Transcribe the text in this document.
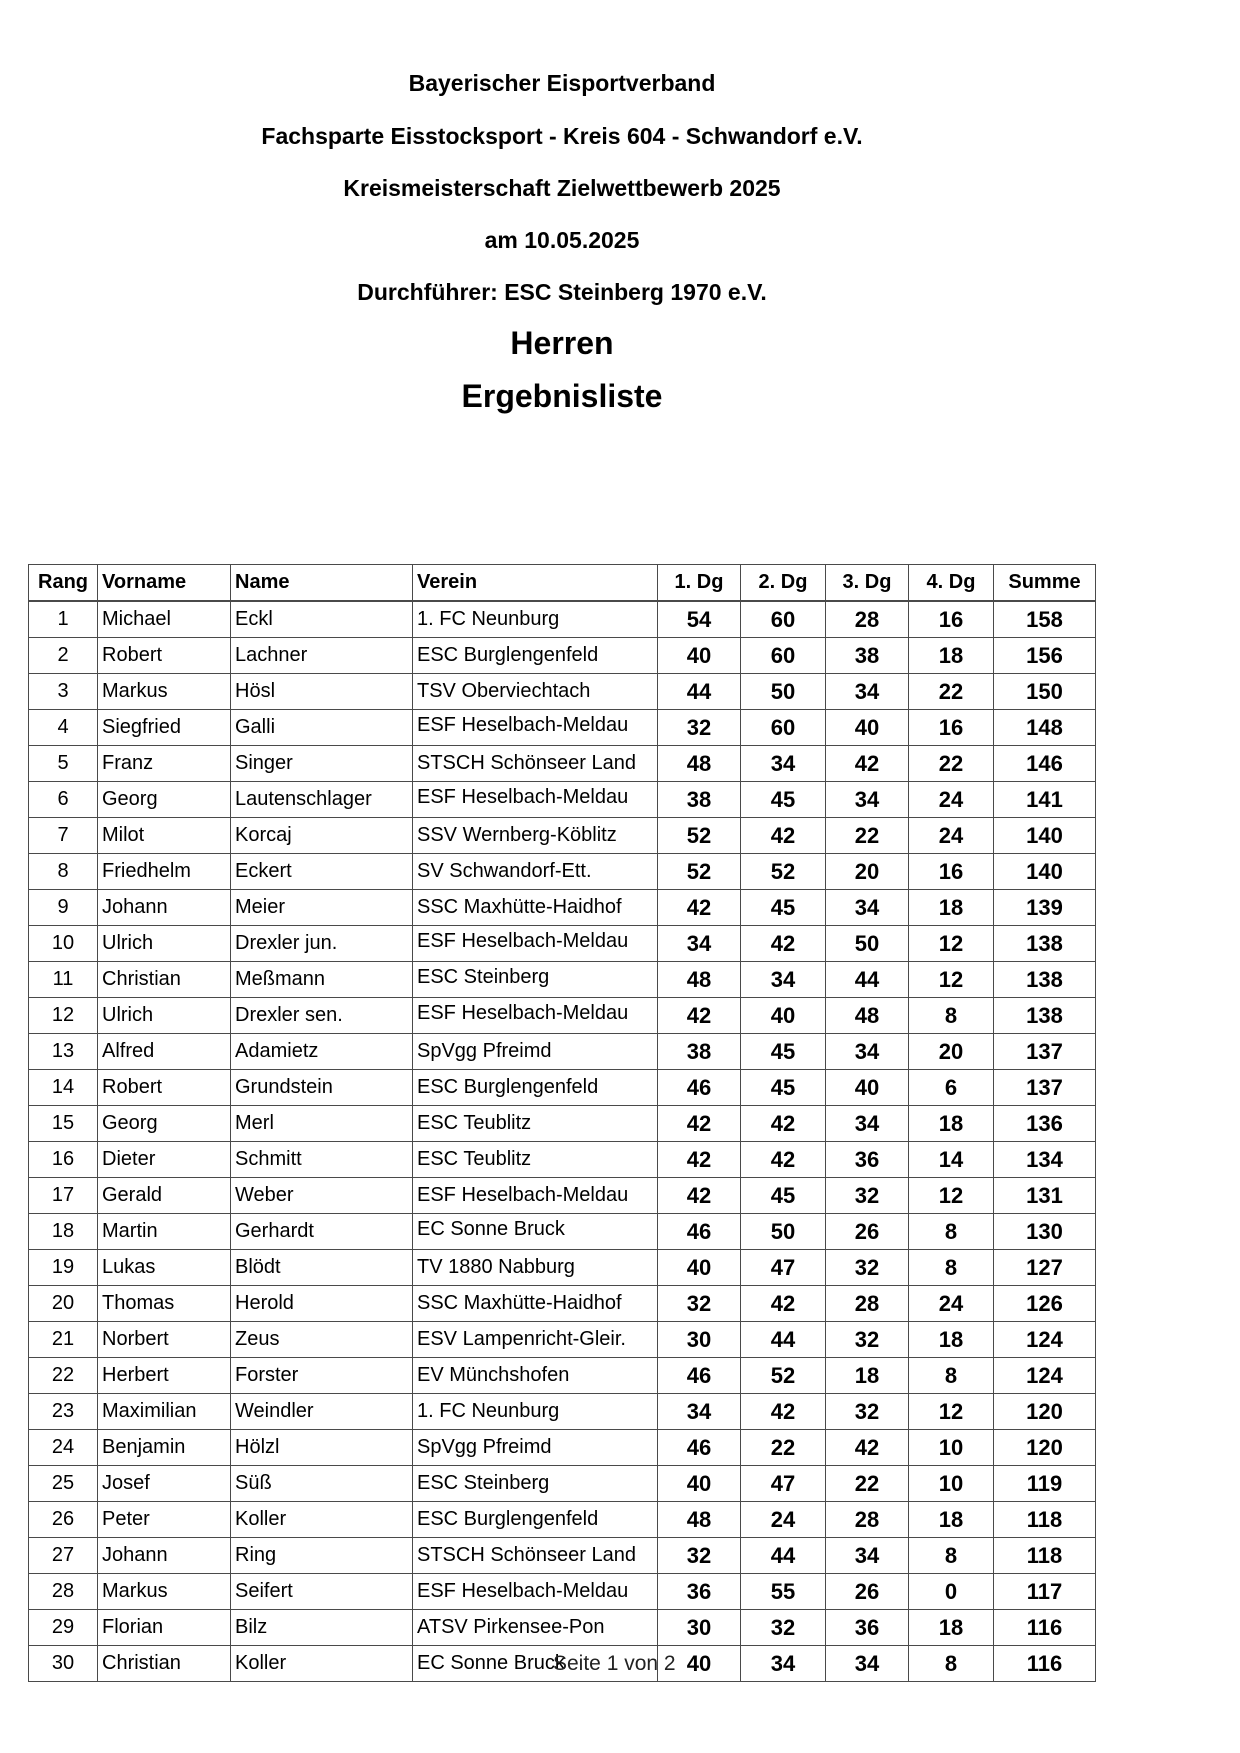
Bayerischer Eisportverband
Fachsparte Eisstocksport - Kreis 604 - Schwandorf e.V.
Kreismeisterschaft Zielwettbewerb 2025
am 10.05.2025
Durchführer: ESC Steinberg 1970 e.V.
Herren
Ergebnisliste
Rang	Vorname	Name	Verein	1. Dg	2. Dg	3. Dg	4. Dg	Summe
1	Michael	Eckl	1. FC Neunburg	54	60	28	16	158
2	Robert	Lachner	ESC Burglengenfeld	40	60	38	18	156
3	Markus	Hösl	TSV Oberviechtach	44	50	34	22	150
4	Siegfried	Galli	ESF Heselbach-Meldau	32	60	40	16	148
5	Franz	Singer	STSCH Schönseer Land	48	34	42	22	146
6	Georg	Lautenschlager	ESF Heselbach-Meldau	38	45	34	24	141
7	Milot	Korcaj	SSV Wernberg-Köblitz	52	42	22	24	140
8	Friedhelm	Eckert	SV Schwandorf-Ett.	52	52	20	16	140
9	Johann	Meier	SSC Maxhütte-Haidhof	42	45	34	18	139
10	Ulrich	Drexler jun.	ESF Heselbach-Meldau	34	42	50	12	138
11	Christian	Meßmann	ESC Steinberg	48	34	44	12	138
12	Ulrich	Drexler sen.	ESF Heselbach-Meldau	42	40	48	8	138
13	Alfred	Adamietz	SpVgg Pfreimd	38	45	34	20	137
14	Robert	Grundstein	ESC Burglengenfeld	46	45	40	6	137
15	Georg	Merl	ESC Teublitz	42	42	34	18	136
16	Dieter	Schmitt	ESC Teublitz	42	42	36	14	134
17	Gerald	Weber	ESF Heselbach-Meldau	42	45	32	12	131
18	Martin	Gerhardt	EC Sonne Bruck	46	50	26	8	130
19	Lukas	Blödt	TV 1880 Nabburg	40	47	32	8	127
20	Thomas	Herold	SSC Maxhütte-Haidhof	32	42	28	24	126
21	Norbert	Zeus	ESV Lampenricht-Gleir.	30	44	32	18	124
22	Herbert	Forster	EV Münchshofen	46	52	18	8	124
23	Maximilian	Weindler	1. FC Neunburg	34	42	32	12	120
24	Benjamin	Hölzl	SpVgg Pfreimd	46	22	42	10	120
25	Josef	Süß	ESC Steinberg	40	47	22	10	119
26	Peter	Koller	ESC Burglengenfeld	48	24	28	18	118
27	Johann	Ring	STSCH Schönseer Land	32	44	34	8	118
28	Markus	Seifert	ESF Heselbach-Meldau	36	55	26	0	117
29	Florian	Bilz	ATSV Pirkensee-Pon	30	32	36	18	116
30	Christian	Koller	EC Sonne Bruck	40	34	34	8	116
Seite 1 von 2
